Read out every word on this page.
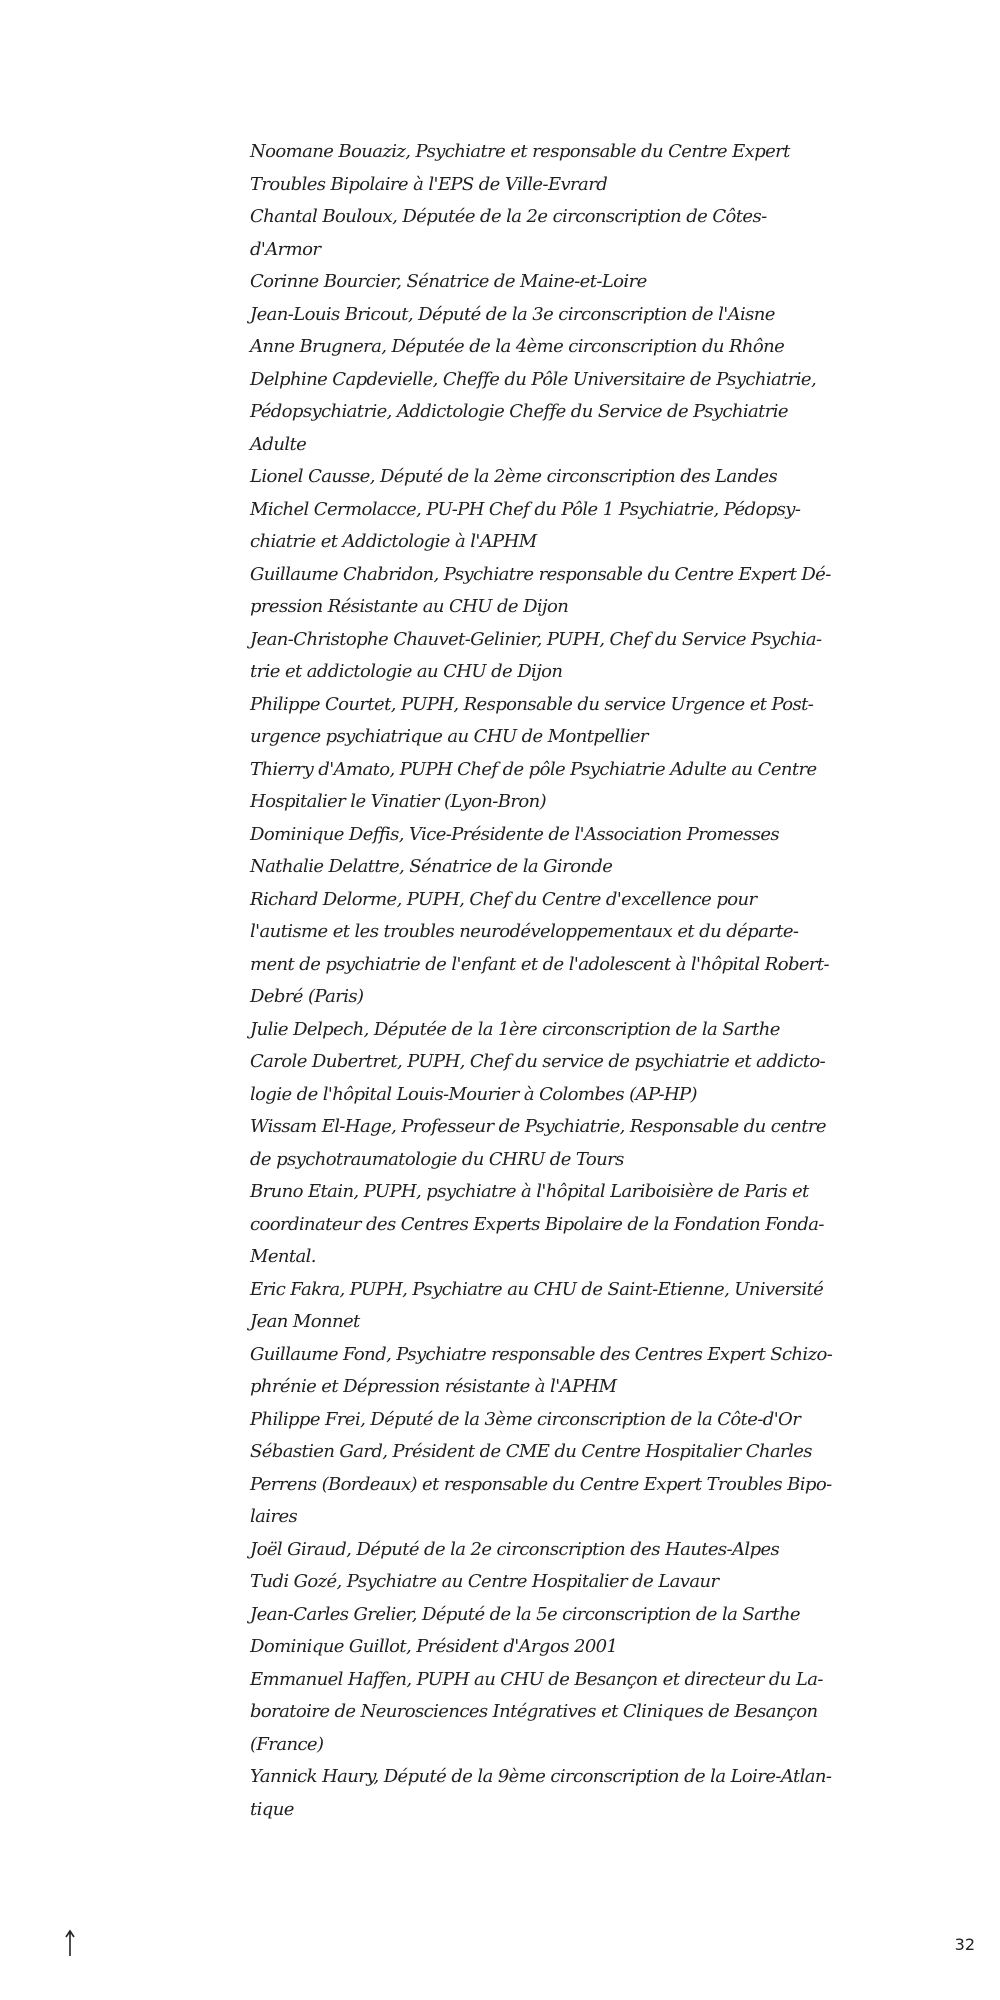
Noomane Bouaziz, Psychiatre et responsable du Centre Expert
Troubles Bipolaire à l'EPS de Ville-Evrard
Chantal Bouloux, Députée de la 2e circonscription de Côtes-
d'Armor
Corinne Bourcier, Sénatrice de Maine-et-Loire
Jean-Louis Bricout, Député de la 3e circonscription de l'Aisne
Anne Brugnera, Députée de la 4ème circonscription du Rhône
Delphine Capdevielle, Cheffe du Pôle Universitaire de Psychiatrie,
Pédopsychiatrie, Addictologie Cheffe du Service de Psychiatrie
Adulte
Lionel Causse, Député de la 2ème circonscription des Landes
Michel Cermolacce, PU-PH Chef du Pôle 1 Psychiatrie, Pédopsy-
chiatrie et Addictologie à l'APHM
Guillaume Chabridon, Psychiatre responsable du Centre Expert Dé-
pression Résistante au CHU de Dijon
Jean-Christophe Chauvet-Gelinier, PUPH, Chef du Service Psychia-
trie et addictologie au CHU de Dijon
Philippe Courtet, PUPH, Responsable du service Urgence et Post-
urgence psychiatrique au CHU de Montpellier
Thierry d'Amato, PUPH Chef de pôle Psychiatrie Adulte au Centre
Hospitalier le Vinatier (Lyon-Bron)
Dominique Deffis, Vice-Présidente de l'Association Promesses
Nathalie Delattre, Sénatrice de la Gironde
Richard Delorme, PUPH, Chef du Centre d'excellence pour
l'autisme et les troubles neurodéveloppementaux et du départe-
ment de psychiatrie de l'enfant et de l'adolescent à l'hôpital Robert-
Debré (Paris)
Julie Delpech, Députée de la 1ère circonscription de la Sarthe
Carole Dubertret, PUPH, Chef du service de psychiatrie et addicto-
logie de l'hôpital Louis-Mourier à Colombes (AP-HP)
Wissam El-Hage, Professeur de Psychiatrie, Responsable du centre
de psychotraumatologie du CHRU de Tours
Bruno Etain, PUPH, psychiatre à l'hôpital Lariboisière de Paris et
coordinateur des Centres Experts Bipolaire de la Fondation Fonda-
Mental.
Eric Fakra, PUPH, Psychiatre au CHU de Saint-Etienne, Université
Jean Monnet
Guillaume Fond, Psychiatre responsable des Centres Expert Schizo-
phrénie et Dépression résistante à l'APHM
Philippe Frei, Député de la 3ème circonscription de la Côte-d'Or
Sébastien Gard, Président de CME du Centre Hospitalier Charles
Perrens (Bordeaux) et responsable du Centre Expert Troubles Bipo-
laires
Joël Giraud, Député de la 2e circonscription des Hautes-Alpes
Tudi Gozé, Psychiatre au Centre Hospitalier de Lavaur
Jean-Carles Grelier, Député de la 5e circonscription de la Sarthe
Dominique Guillot, Président d'Argos 2001
Emmanuel Haffen, PUPH au CHU de Besançon et directeur du La-
boratoire de Neurosciences Intégratives et Cliniques de Besançon
(France)
Yannick Haury, Député de la 9ème circonscription de la Loire-Atlan-
tique
32
